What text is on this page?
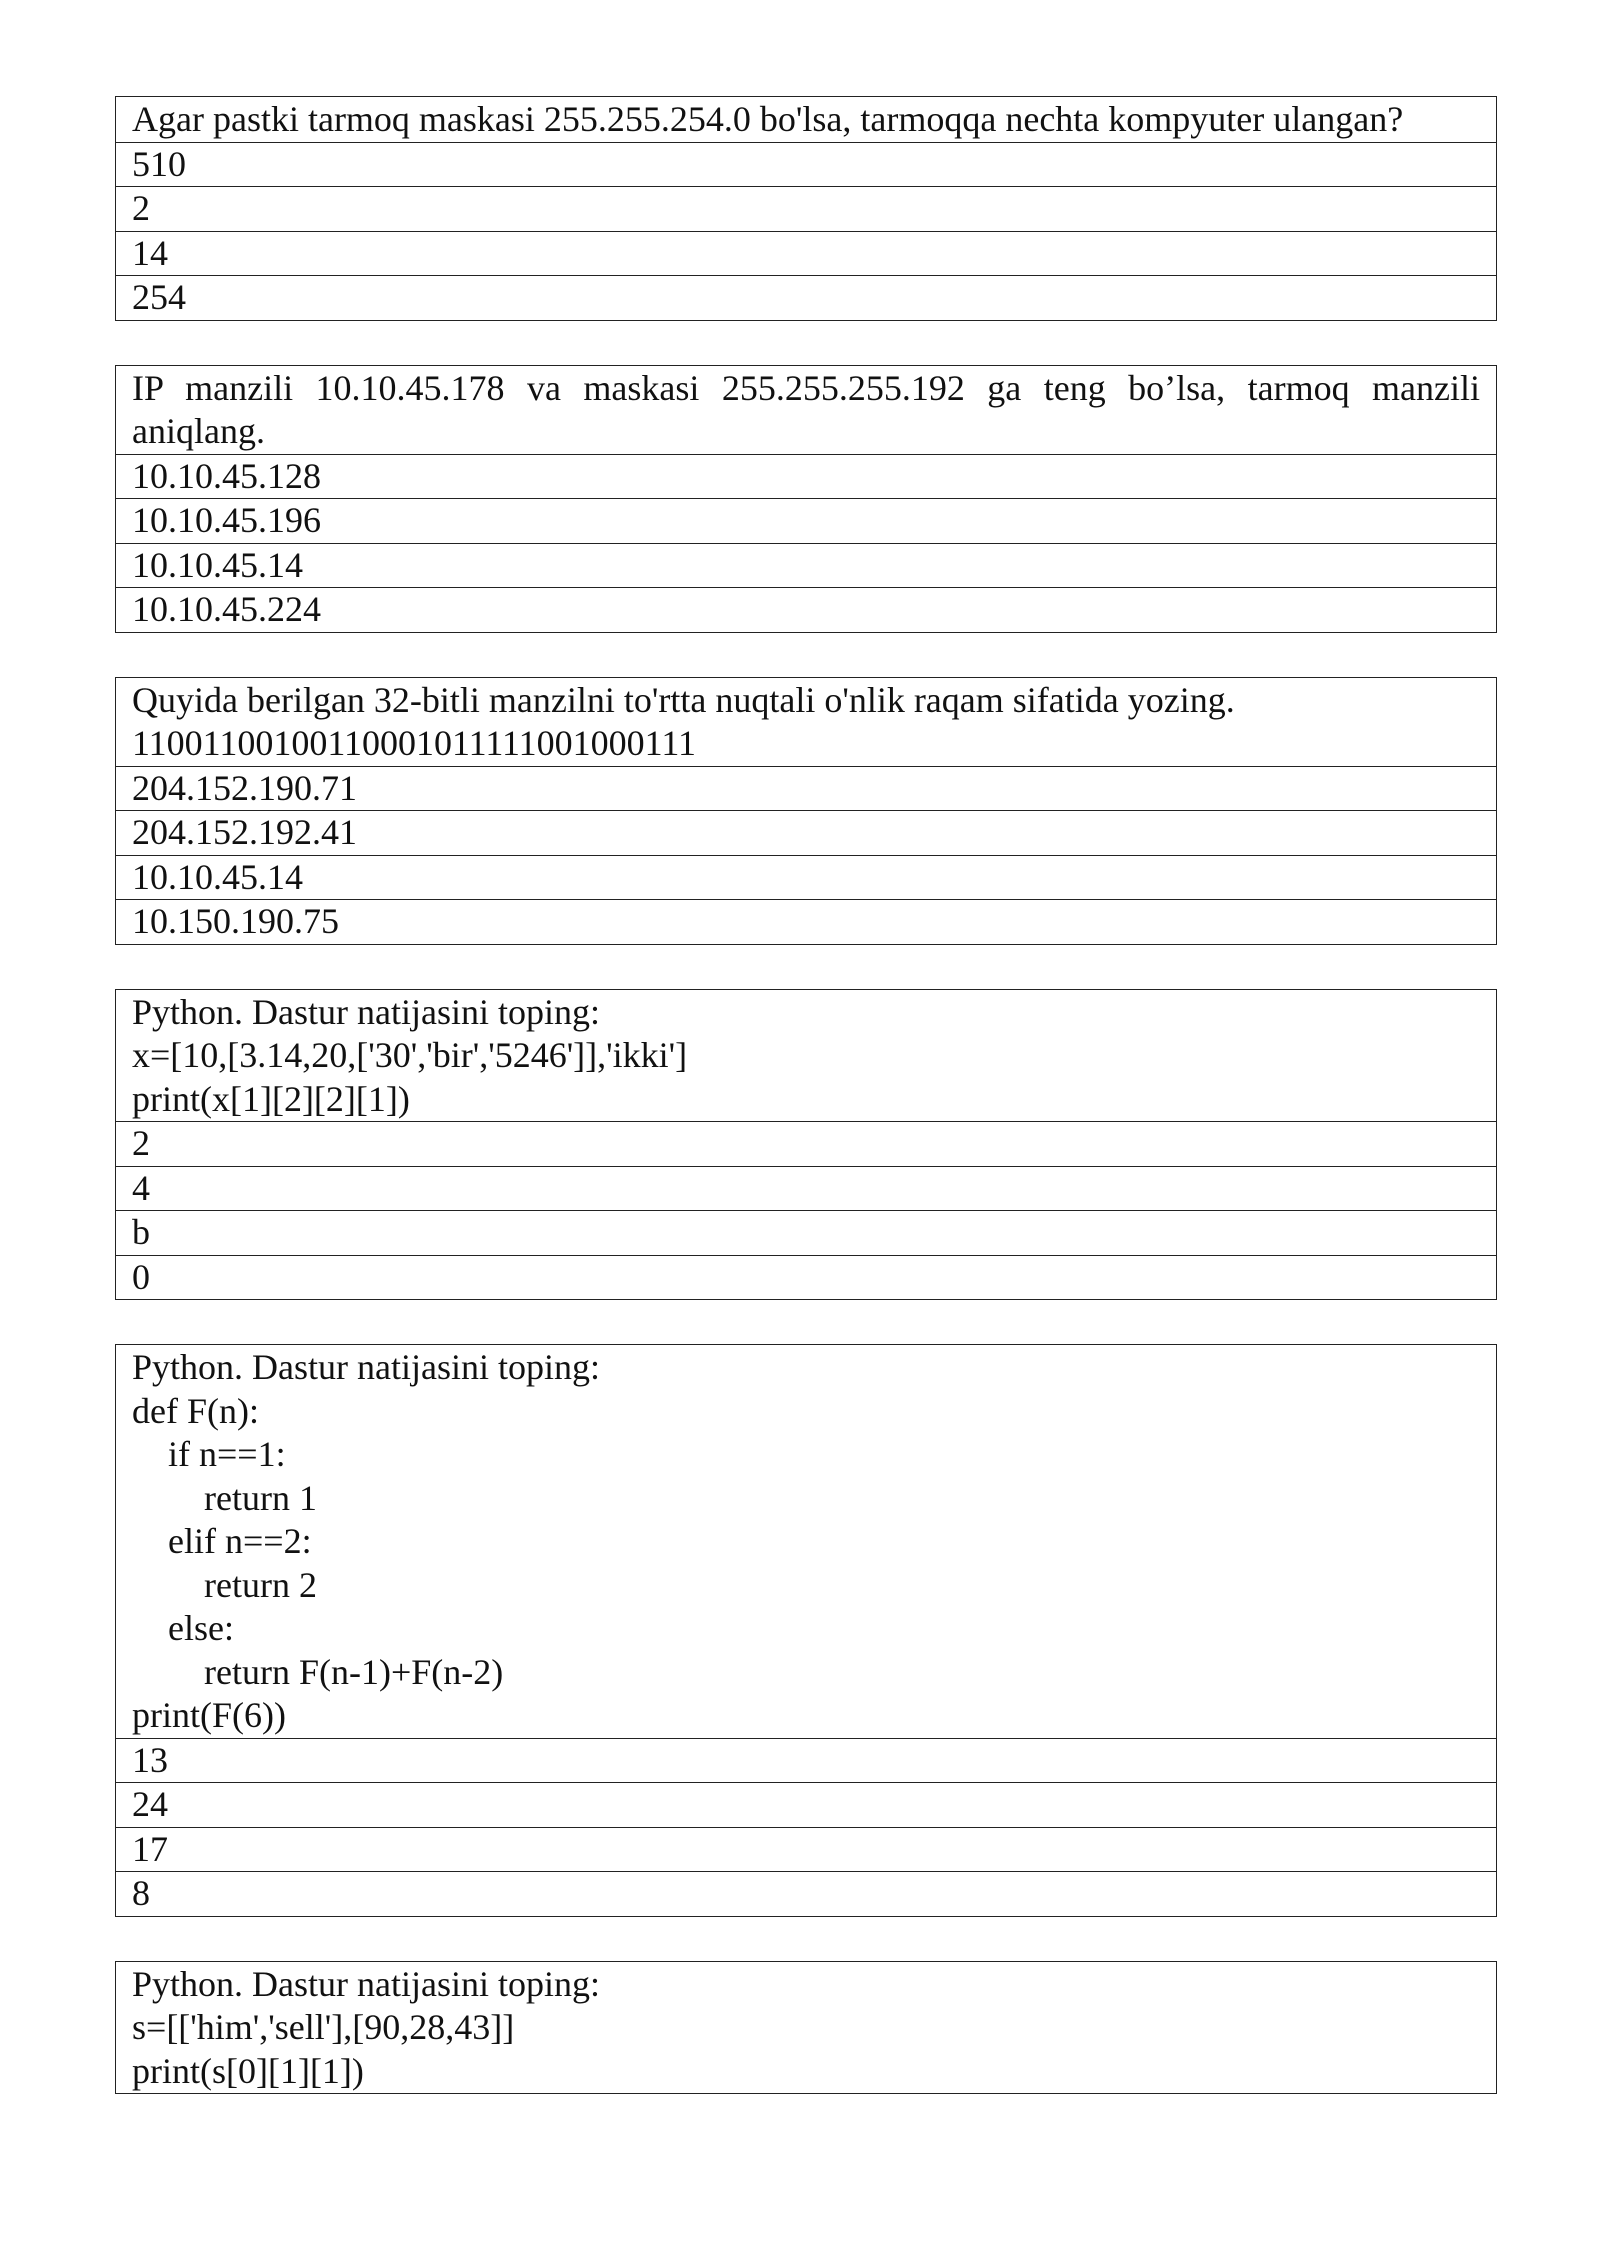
Agar pastki tarmoq maskasi 255.255.254.0 bo'lsa, tarmoqqa nechta kompyuter ulangan?
510
2
14
254
IP manzili 10.10.45.178 va maskasi 255.255.255.192 ga teng bo’lsa, tarmoq manzili aniqlang.
10.10.45.128
10.10.45.196
10.10.45.14
10.10.45.224
Quyida berilgan 32-bitli manzilni to'rtta nuqtali o'nlik raqam sifatida yozing.
11001100100110001011111001000111
204.152.190.71
204.152.192.41
10.10.45.14
10.150.190.75
Python. Dastur natijasini toping:
x=[10,[3.14,20,['30','bir','5246']],'ikki']
print(x[1][2][2][1])
2
4
b
0
Python. Dastur natijasini toping:
def F(n):
if n==1:
return 1
elif n==2:
return 2
else:
return F(n-1)+F(n-2)
print(F(6))
13
24
17
8
Python. Dastur natijasini toping:
s=[['him','sell'],[90,28,43]]
print(s[0][1][1])
